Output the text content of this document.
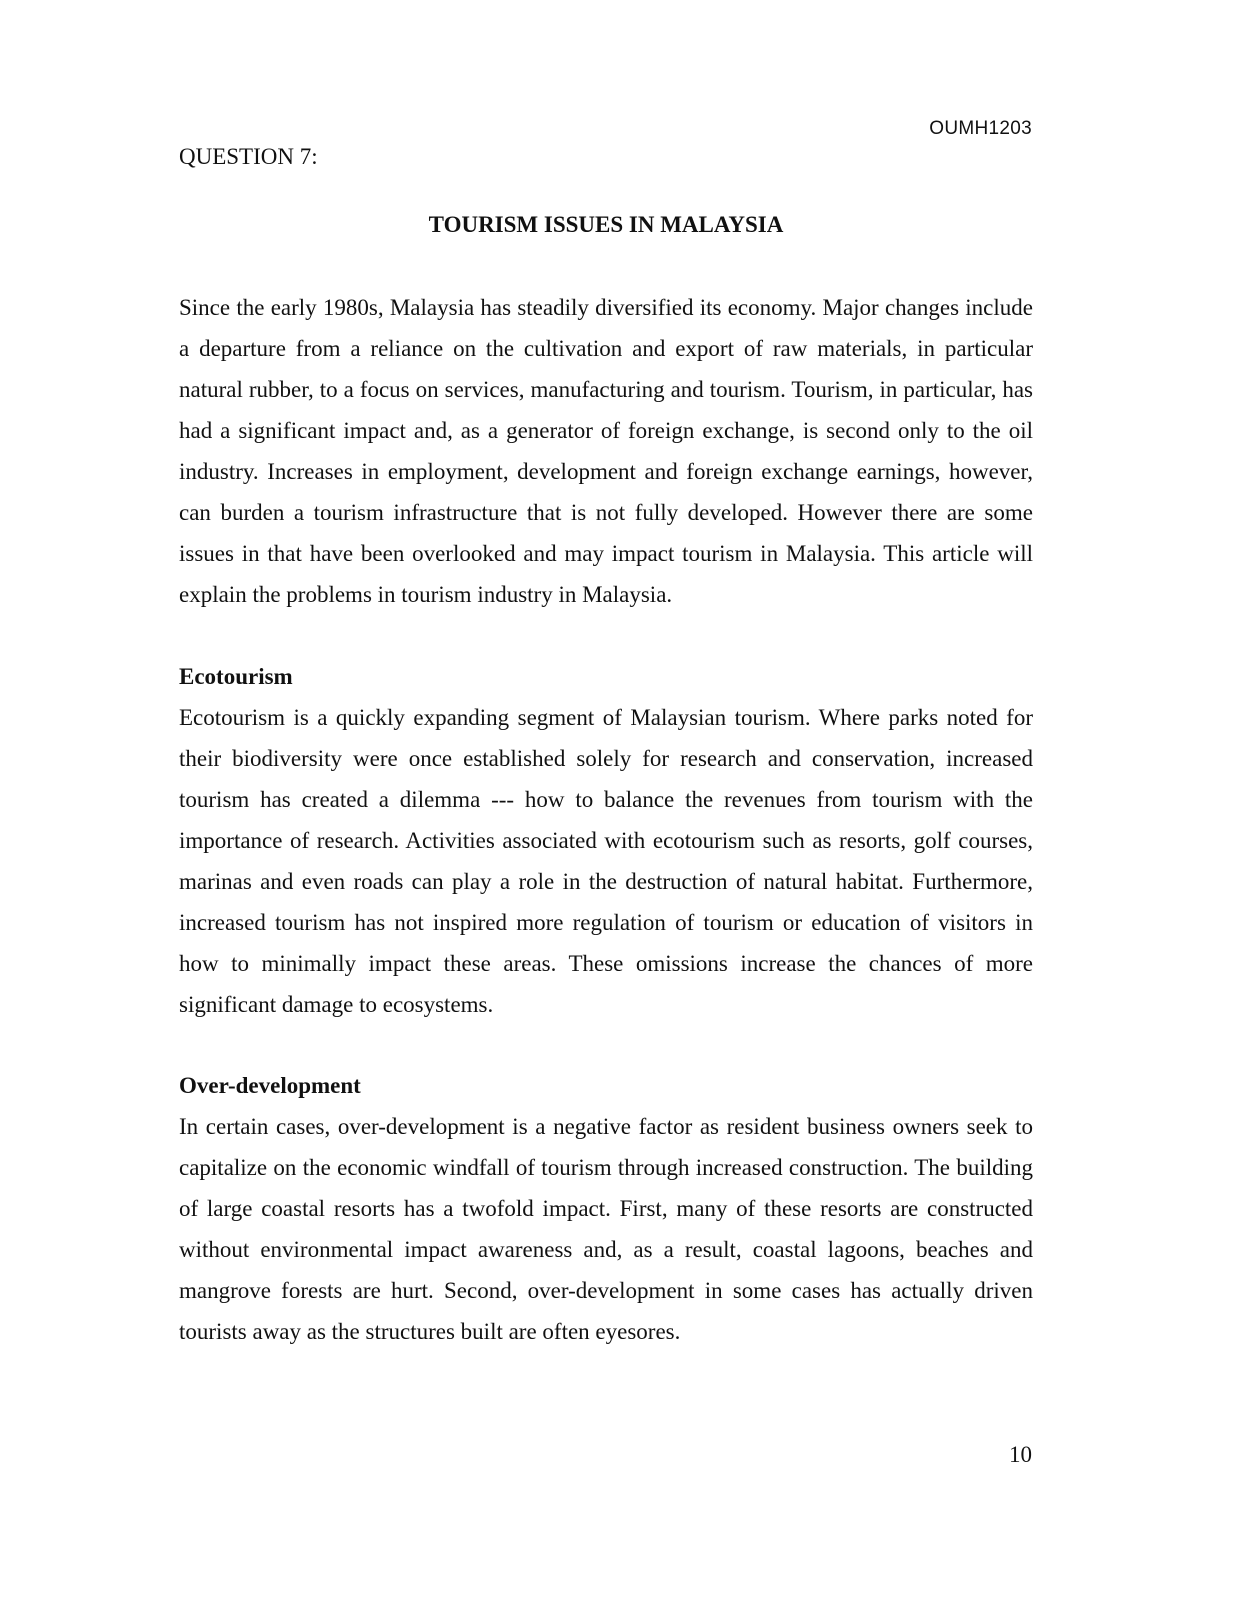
OUMH1203
QUESTION 7:
TOURISM ISSUES IN MALAYSIA

Since the early 1980s, Malaysia has steadily diversified its economy. Major changes include a departure from a reliance on the cultivation and export of raw materials, in particular natural rubber, to a focus on services, manufacturing and tourism. Tourism, in particular, has had a significant impact and, as a generator of foreign exchange, is second only to the oil industry. Increases in employment, development and foreign exchange earnings, however, can burden a tourism infrastructure that is not fully developed. However there are some issues in that have been overlooked and may impact tourism in Malaysia. This article will explain the problems in tourism industry in Malaysia.

Ecotourism

Ecotourism is a quickly expanding segment of Malaysian tourism. Where parks noted for their biodiversity were once established solely for research and conservation, increased tourism has created a dilemma --- how to balance the revenues from tourism with the importance of research. Activities associated with ecotourism such as resorts, golf courses, marinas and even roads can play a role in the destruction of natural habitat. Furthermore, increased tourism has not inspired more regulation of tourism or education of visitors in how to minimally impact these areas. These omissions increase the chances of more significant damage to ecosystems.

Over-development

In certain cases, over-development is a negative factor as resident business owners seek to capitalize on the economic windfall of tourism through increased construction. The building of large coastal resorts has a twofold impact. First, many of these resorts are constructed without environmental impact awareness and, as a result, coastal lagoons, beaches and mangrove forests are hurt. Second, over-development in some cases has actually driven tourists away as the structures built are often eyesores.

10
